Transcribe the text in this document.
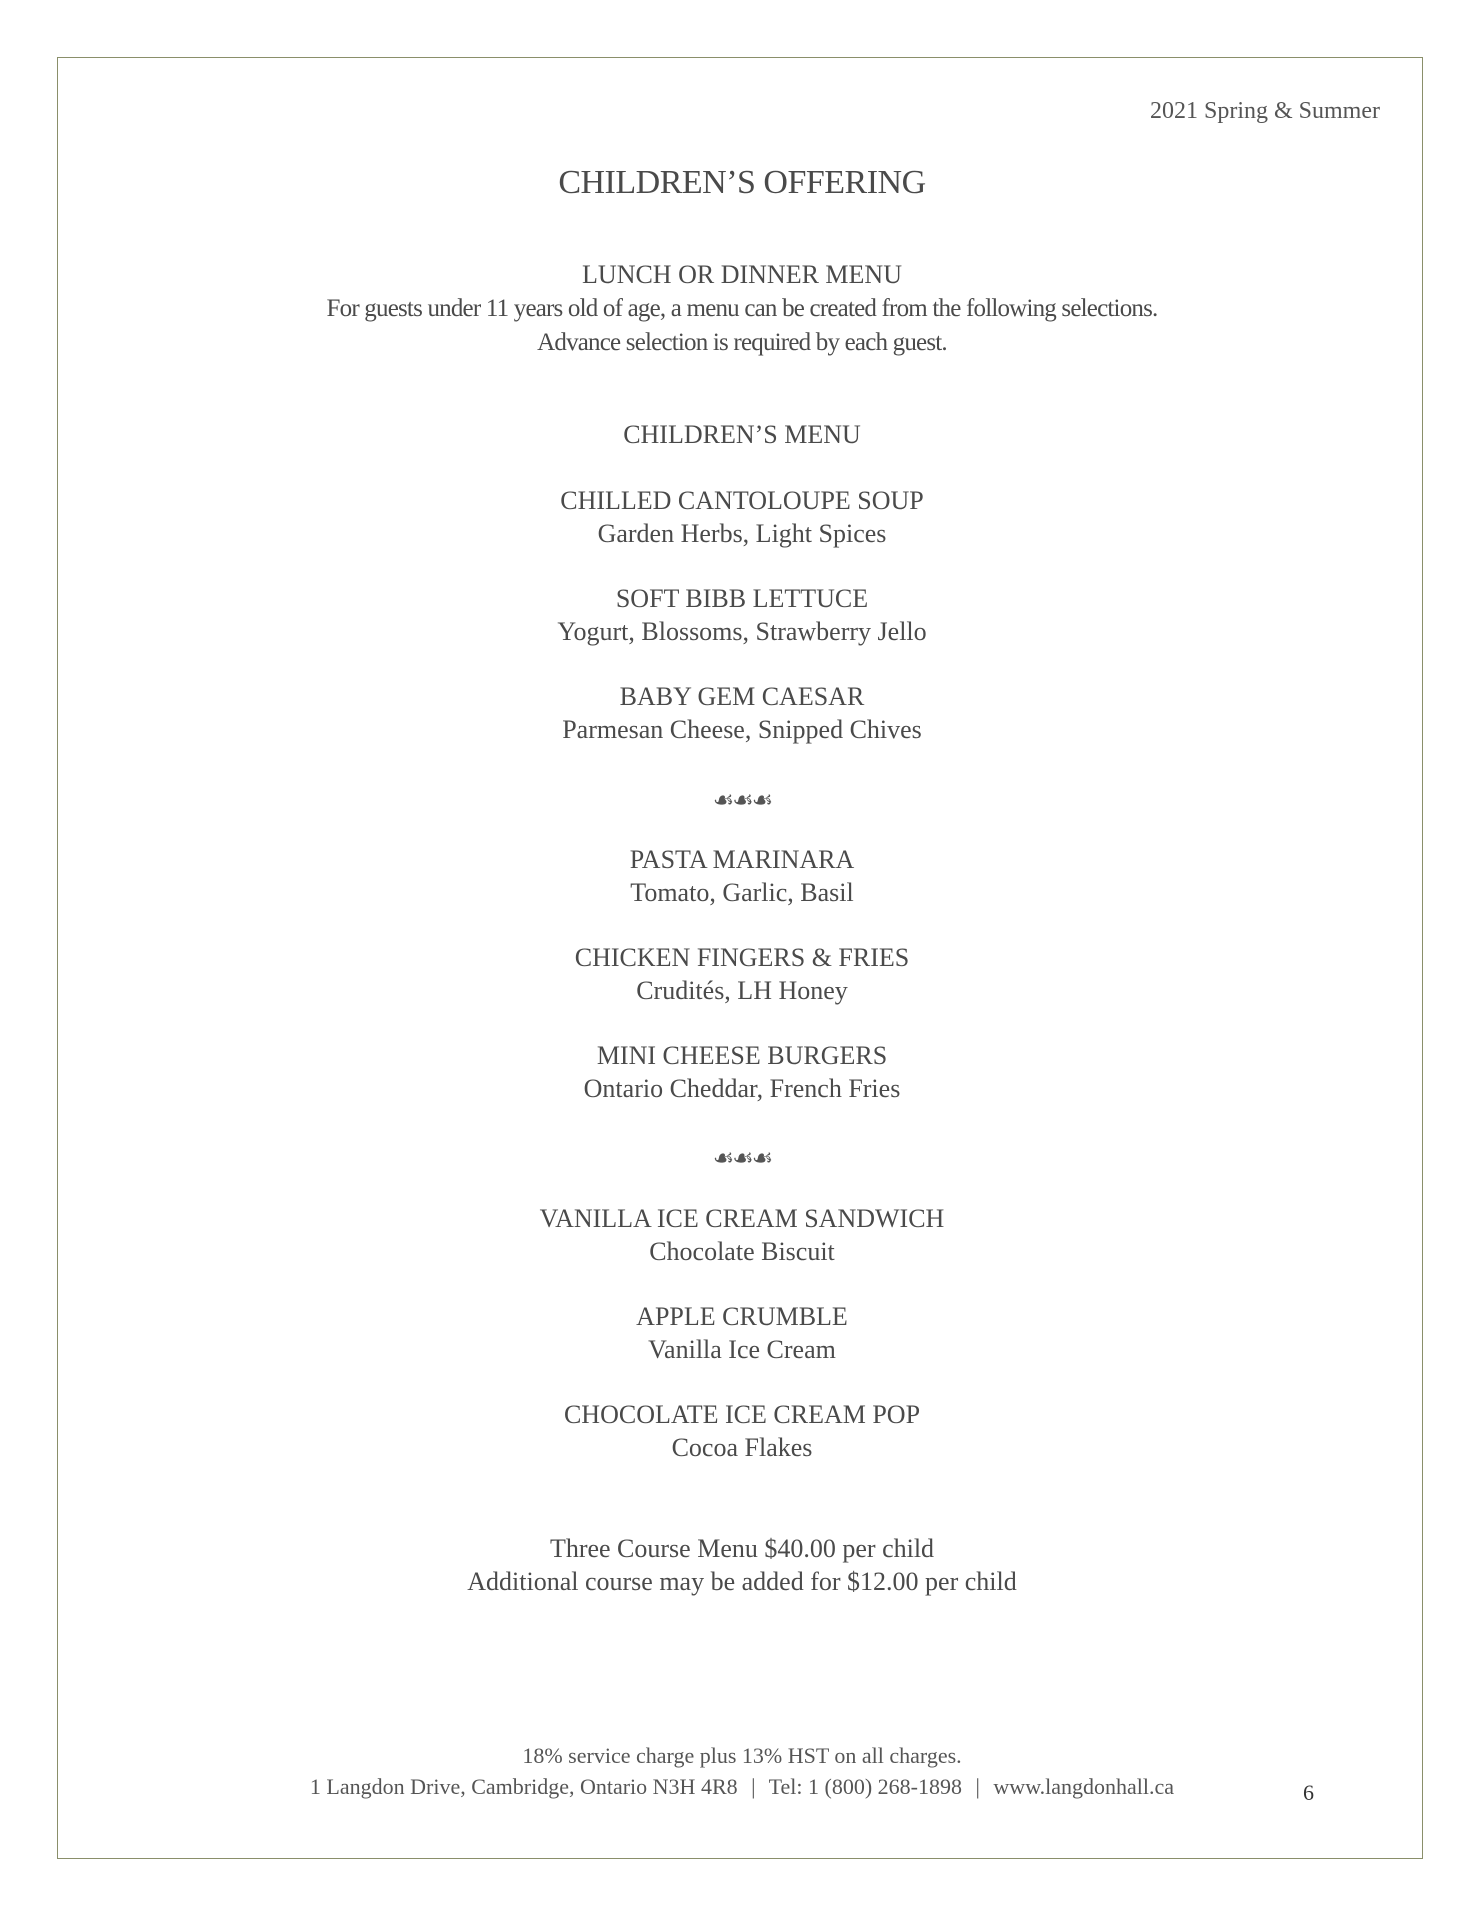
2021 Spring & Summer
CHILDREN’S OFFERING
LUNCH OR DINNER MENU
For guests under 11 years old of age, a menu can be created from the following selections.
Advance selection is required by each guest.
CHILDREN’S MENU
CHILLED CANTOLOUPE SOUP
Garden Herbs, Light Spices
SOFT BIBB LETTUCE
Yogurt, Blossoms, Strawberry Jello
BABY GEM CAESAR
Parmesan Cheese, Snipped Chives
☙☙☙
PASTA MARINARA
Tomato, Garlic, Basil
CHICKEN FINGERS & FRIES
Crudités, LH Honey
MINI CHEESE BURGERS
Ontario Cheddar, French Fries
☙☙☙
VANILLA ICE CREAM SANDWICH
Chocolate Biscuit
APPLE CRUMBLE
Vanilla Ice Cream
CHOCOLATE ICE CREAM POP
Cocoa Flakes
Three Course Menu $40.00 per child
Additional course may be added for $12.00 per child
18% service charge plus 13% HST on all charges.
1 Langdon Drive, Cambridge, Ontario N3H 4R8 | Tel: 1 (800) 268-1898 | www.langdonhall.ca	6
